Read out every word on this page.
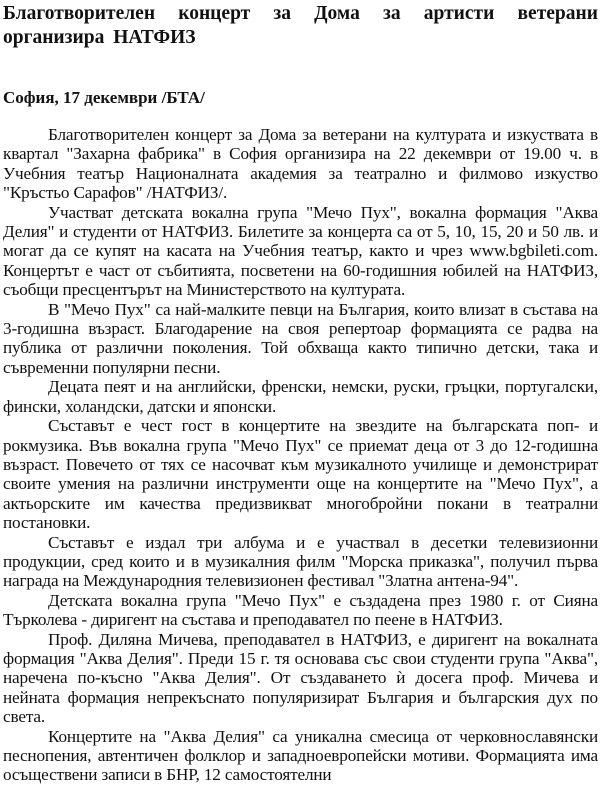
Благотворителен концерт за Дома за артисти ветерани организира НАТФИЗ

София, 17 декември /БТА/

Благотворителен концерт за Дома за ветерани на културата и изкуствата в квартал "Захарна фабрика" в София организира на 22 декември от 19.00 ч. в Учебния театър Националната академия за театрално и филмово изкуство "Кръстьо Сарафов" /НАТФИЗ/.

Участват детската вокална група "Мечо Пух", вокална формация "Аква Делия" и студенти от НАТФИЗ. Билетите за концерта са от 5, 10, 15, 20 и 50 лв. и могат да се купят на касата на Учебния театър, както и чрез www.bgbileti.com. Концертът е част от събитията, посветени на 60-годишния юбилей на НАТФИЗ, съобщи пресцентърът на Министерството на културата.

В "Мечо Пух" са най-малките певци на България, които влизат в състава на 3-годишна възраст. Благодарение на своя репертоар формацията се радва на публика от различни поколения. Той обхваща както типично детски, така и съвременни популярни песни.

Децата пеят и на английски, френски, немски, руски, гръцки, португалски, фински, холандски, датски и японски.

Съставът е чест гост в концертите на звездите на българската поп- и рокмузика. Във вокална група "Мечо Пух" се приемат деца от 3 до 12-годишна възраст. Повечето от тях се насочват към музикалното училище и демонстрират своите умения на различни инструменти още на концертите на "Мечо Пух", а актьорските им качества предизвикват многобройни покани в театрални постановки.

Съставът е издал три албума и е участвал в десетки телевизионни продукции, сред които и в музикалния филм "Морска приказка", получил първа награда на Международния телевизионен фестивал "Златна антена-94".

Детската вокална група "Мечо Пух" е създадена през 1980 г. от Сияна Търколева - диригент на състава и преподавател по пеене в НАТФИЗ.

Проф. Диляна Мичева, преподавател в НАТФИЗ, е диригент на вокалната формация "Аква Делия". Преди 15 г. тя основава със свои студенти група "Аква", наречена по-късно "Аква Делия". От създаването ѝ досега проф. Мичева и нейната формация непрекъснато популяризират България и българския дух по света.

Концертите на "Аква Делия" са уникална смесица от черковнославянски песнопения, автентичен фолклор и западноевропейски мотиви. Формацията има осъществени записи в БНР, 12 самостоятелни
